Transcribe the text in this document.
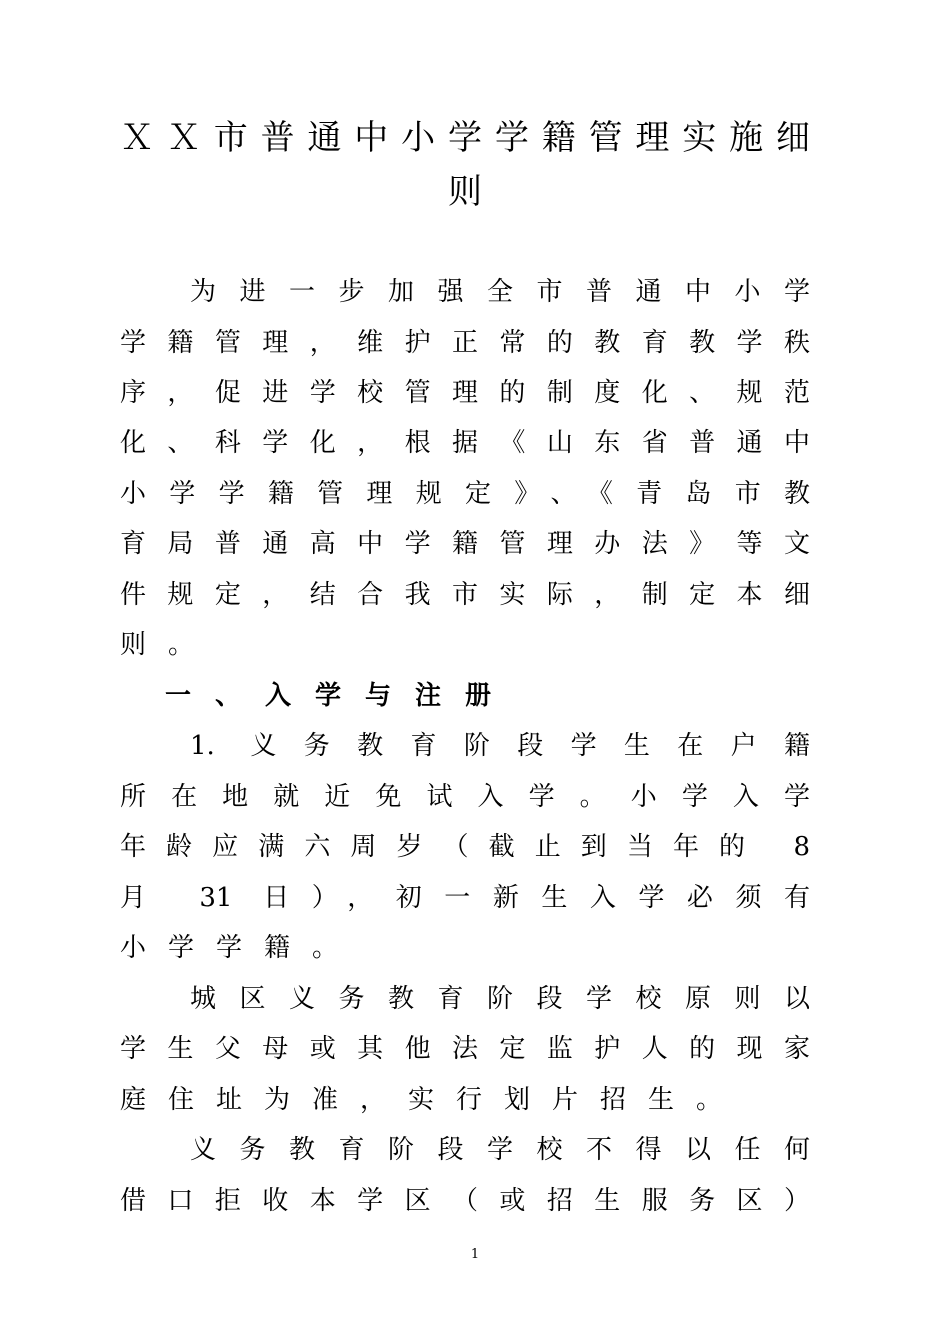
ＸＸ市普通中小学学籍管理实施细
则
为进一步加强全市普通中小学
学籍管理，维护正常的教育教学秩
序，促进学校管理的制度化、规范
化、科学化，根据《山东省普通中
小学学籍管理规定》、《青岛市教
育局普通高中学籍管理办法》等文
件规定，结合我市实际，制定本细
则。
一、入学与注册
1. 义务教育阶段学生在户籍
所在地就近免试入学。小学入学
年龄应满六周岁（截止到当年的 8
月 31 日），初一新生入学必须有
小学学籍。
城区义务教育阶段学校原则以
学生父母或其他法定监护人的现家
庭住址为准，实行划片招生。
义务教育阶段学校不得以任何
借口拒收本学区（或招生服务区）
1
